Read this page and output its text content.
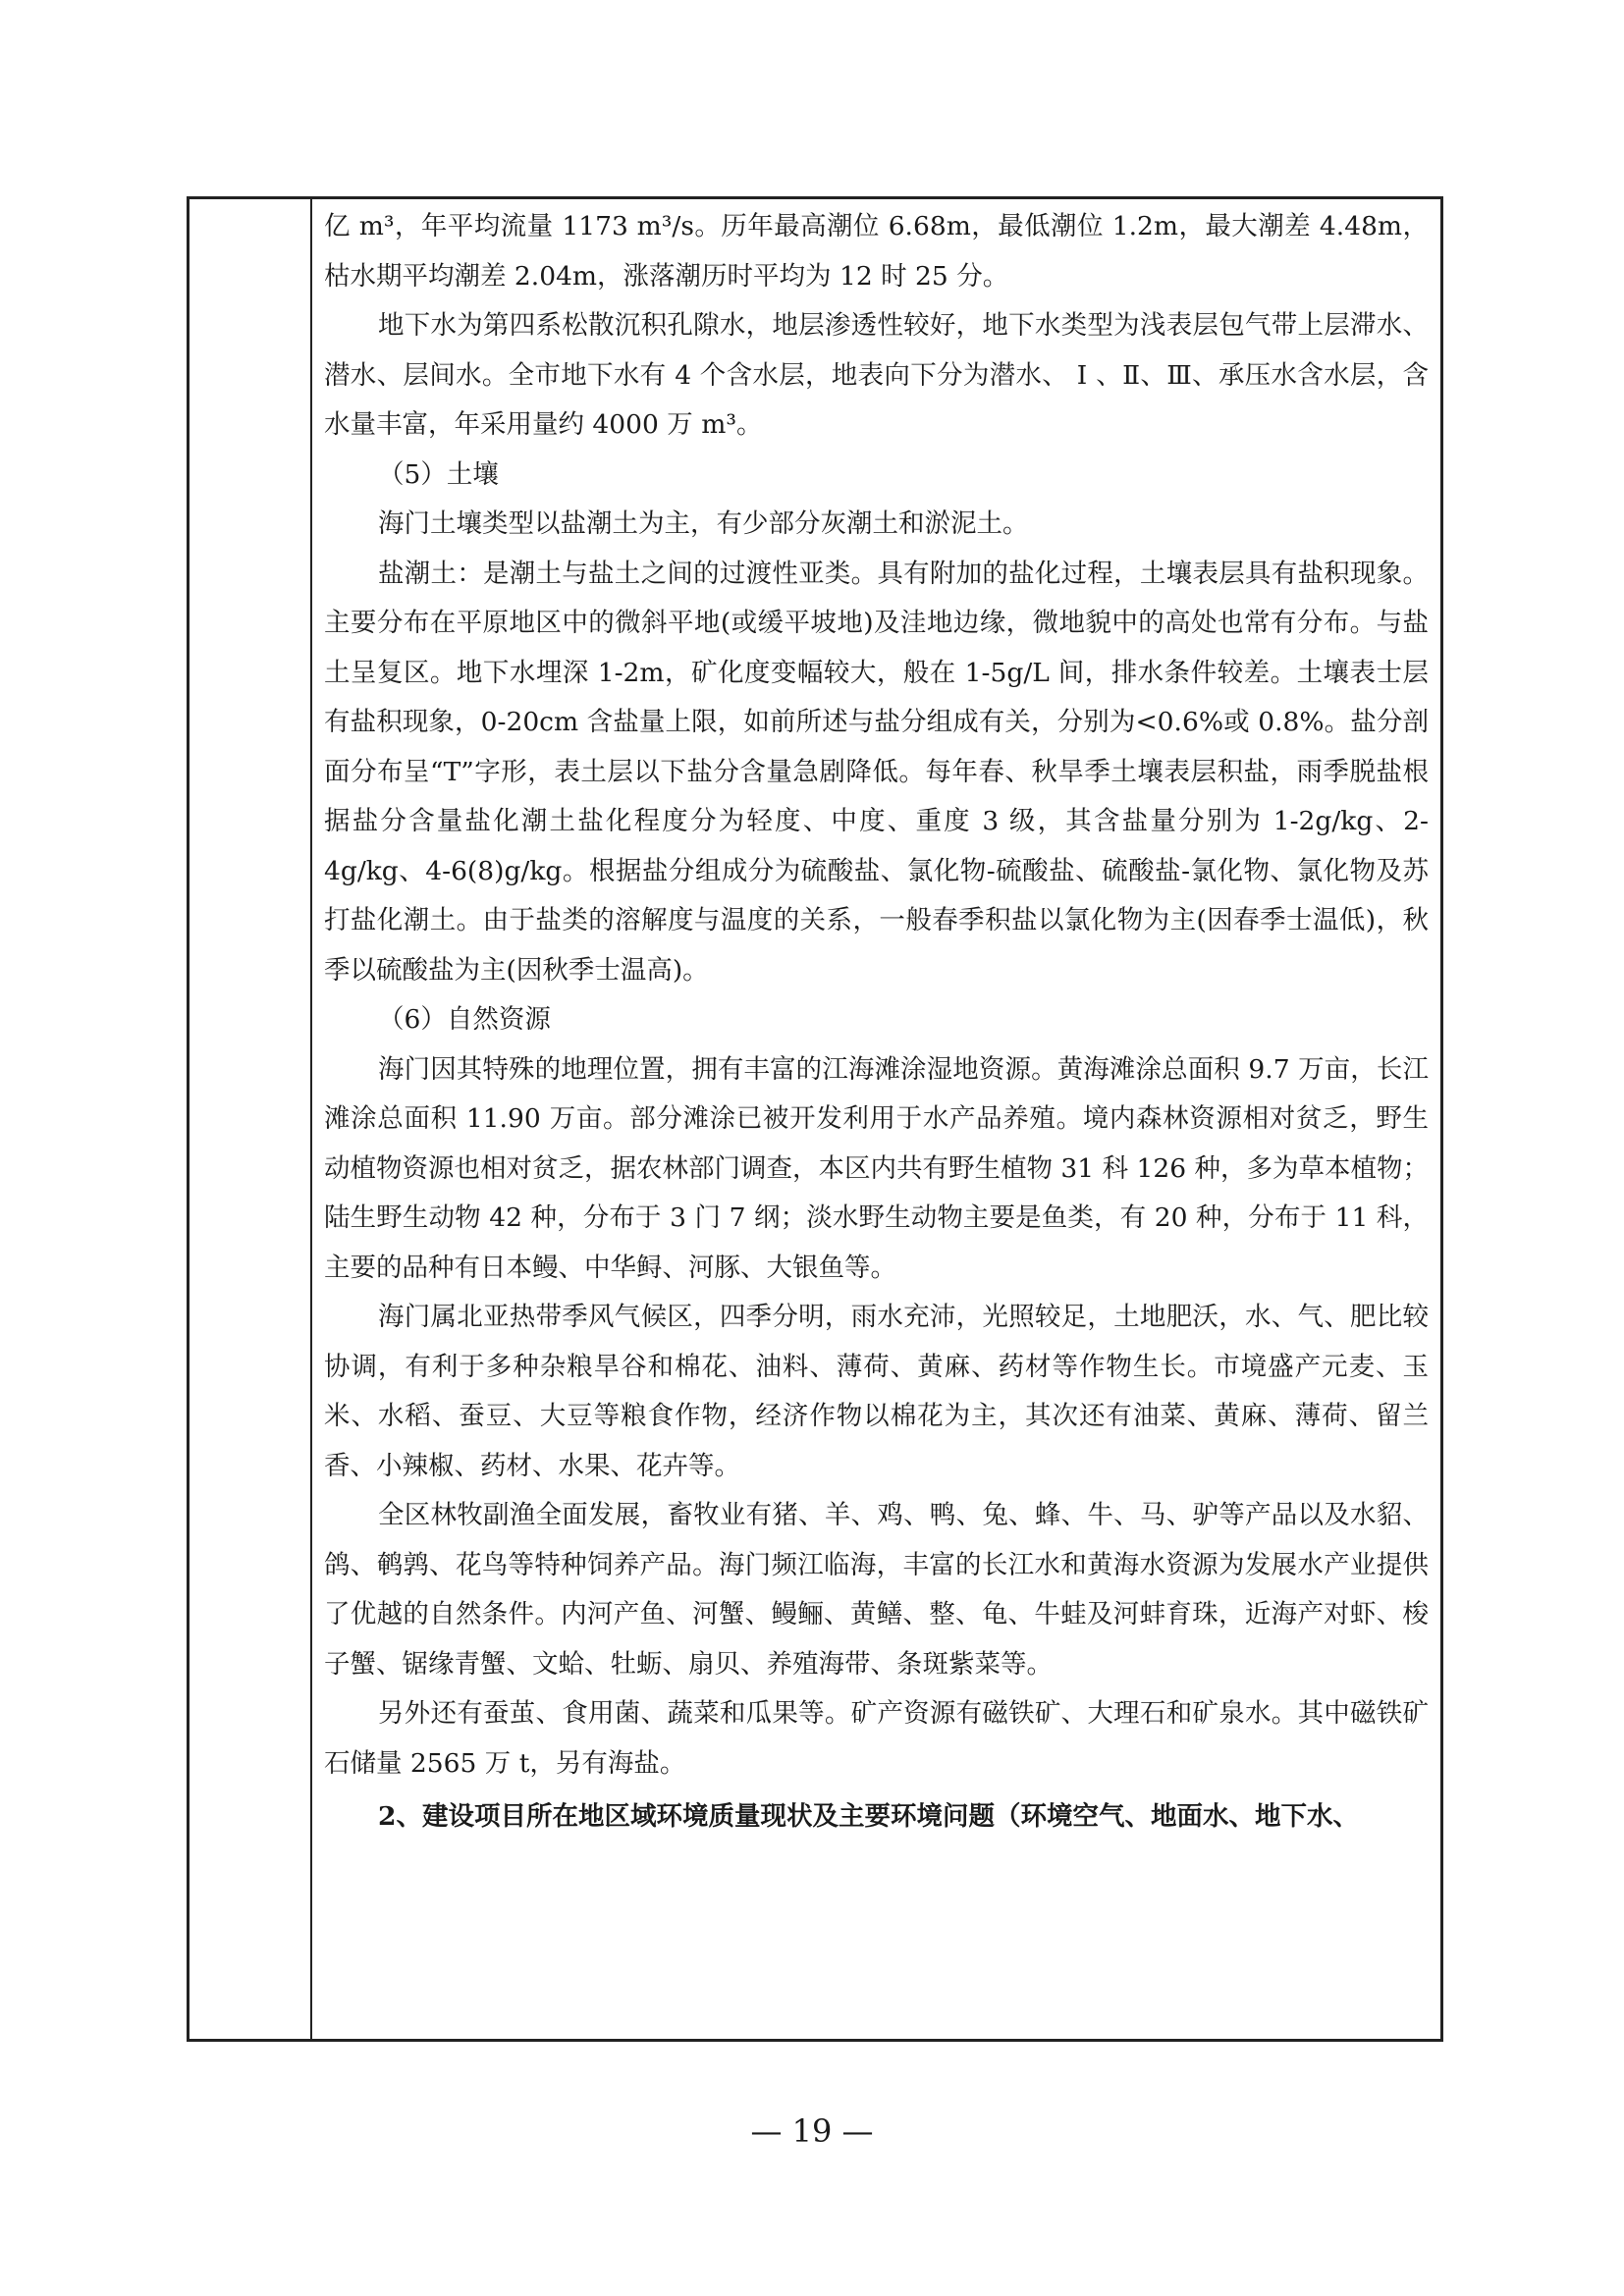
亿 m³，年平均流量 1173 m³/s。历年最高潮位 6.68m，最低潮位 1.2m，最大潮差 4.48m，枯水期平均潮差 2.04m，涨落潮历时平均为 12 时 25 分。

地下水为第四系松散沉积孔隙水，地层渗透性较好，地下水类型为浅表层包气带上层滞水、潜水、层间水。全市地下水有 4 个含水层，地表向下分为潜水、 Ⅰ 、Ⅱ、Ⅲ、承压水含水层，含水量丰富，年采用量约 4000 万 m³。

（5）土壤

海门土壤类型以盐潮土为主，有少部分灰潮土和淤泥土。

盐潮土：是潮土与盐土之间的过渡性亚类。具有附加的盐化过程，土壤表层具有盐积现象。主要分布在平原地区中的微斜平地(或缓平坡地)及洼地边缘，微地貌中的高处也常有分布。与盐土呈复区。地下水埋深 1-2m，矿化度变幅较大，般在 1-5g/L 间，排水条件较差。土壤表士层有盐积现象，0-20cm 含盐量上限，如前所述与盐分组成有关，分别为<0.6%或 0.8%。盐分剖面分布呈“T”字形，表土层以下盐分含量急剧降低。每年春、秋旱季土壤表层积盐，雨季脱盐根据盐分含量盐化潮土盐化程度分为轻度、中度、重度 3 级，其含盐量分别为 1-2g/kg、2-4g/kg、4-6(8)g/kg。根据盐分组成分为硫酸盐、氯化物-硫酸盐、硫酸盐-氯化物、氯化物及苏打盐化潮土。由于盐类的溶解度与温度的关系，一般春季积盐以氯化物为主(因春季士温低)，秋季以硫酸盐为主(因秋季士温高)。

（6）自然资源

海门因其特殊的地理位置，拥有丰富的江海滩涂湿地资源。黄海滩涂总面积 9.7 万亩，长江滩涂总面积 11.90 万亩。部分滩涂已被开发利用于水产品养殖。境内森林资源相对贫乏，野生动植物资源也相对贫乏，据农林部门调查，本区内共有野生植物 31 科 126 种，多为草本植物；陆生野生动物 42 种，分布于 3 门 7 纲；淡水野生动物主要是鱼类，有 20 种，分布于 11 科，主要的品种有日本鳗、中华鲟、河豚、大银鱼等。

海门属北亚热带季风气候区，四季分明，雨水充沛，光照较足，土地肥沃，水、气、肥比较协调，有利于多种杂粮旱谷和棉花、油料、薄荷、黄麻、药材等作物生长。市境盛产元麦、玉米、水稻、蚕豆、大豆等粮食作物，经济作物以棉花为主，其次还有油菜、黄麻、薄荷、留兰香、小辣椒、药材、水果、花卉等。

全区林牧副渔全面发展，畜牧业有猪、羊、鸡、鸭、兔、蜂、牛、马、驴等产品以及水貂、鸽、鹌鹑、花鸟等特种饲养产品。海门频江临海，丰富的长江水和黄海水资源为发展水产业提供了优越的自然条件。内河产鱼、河蟹、鳗鲡、黄鳝、整、龟、牛蛙及河蚌育珠，近海产对虾、梭子蟹、锯缘青蟹、文蛤、牡蛎、扇贝、养殖海带、条斑紫菜等。

另外还有蚕茧、食用菌、蔬菜和瓜果等。矿产资源有磁铁矿、大理石和矿泉水。其中磁铁矿石储量 2565 万 t，另有海盐。

2、建设项目所在地区域环境质量现状及主要环境问题（环境空气、地面水、地下水、

— 19 —
